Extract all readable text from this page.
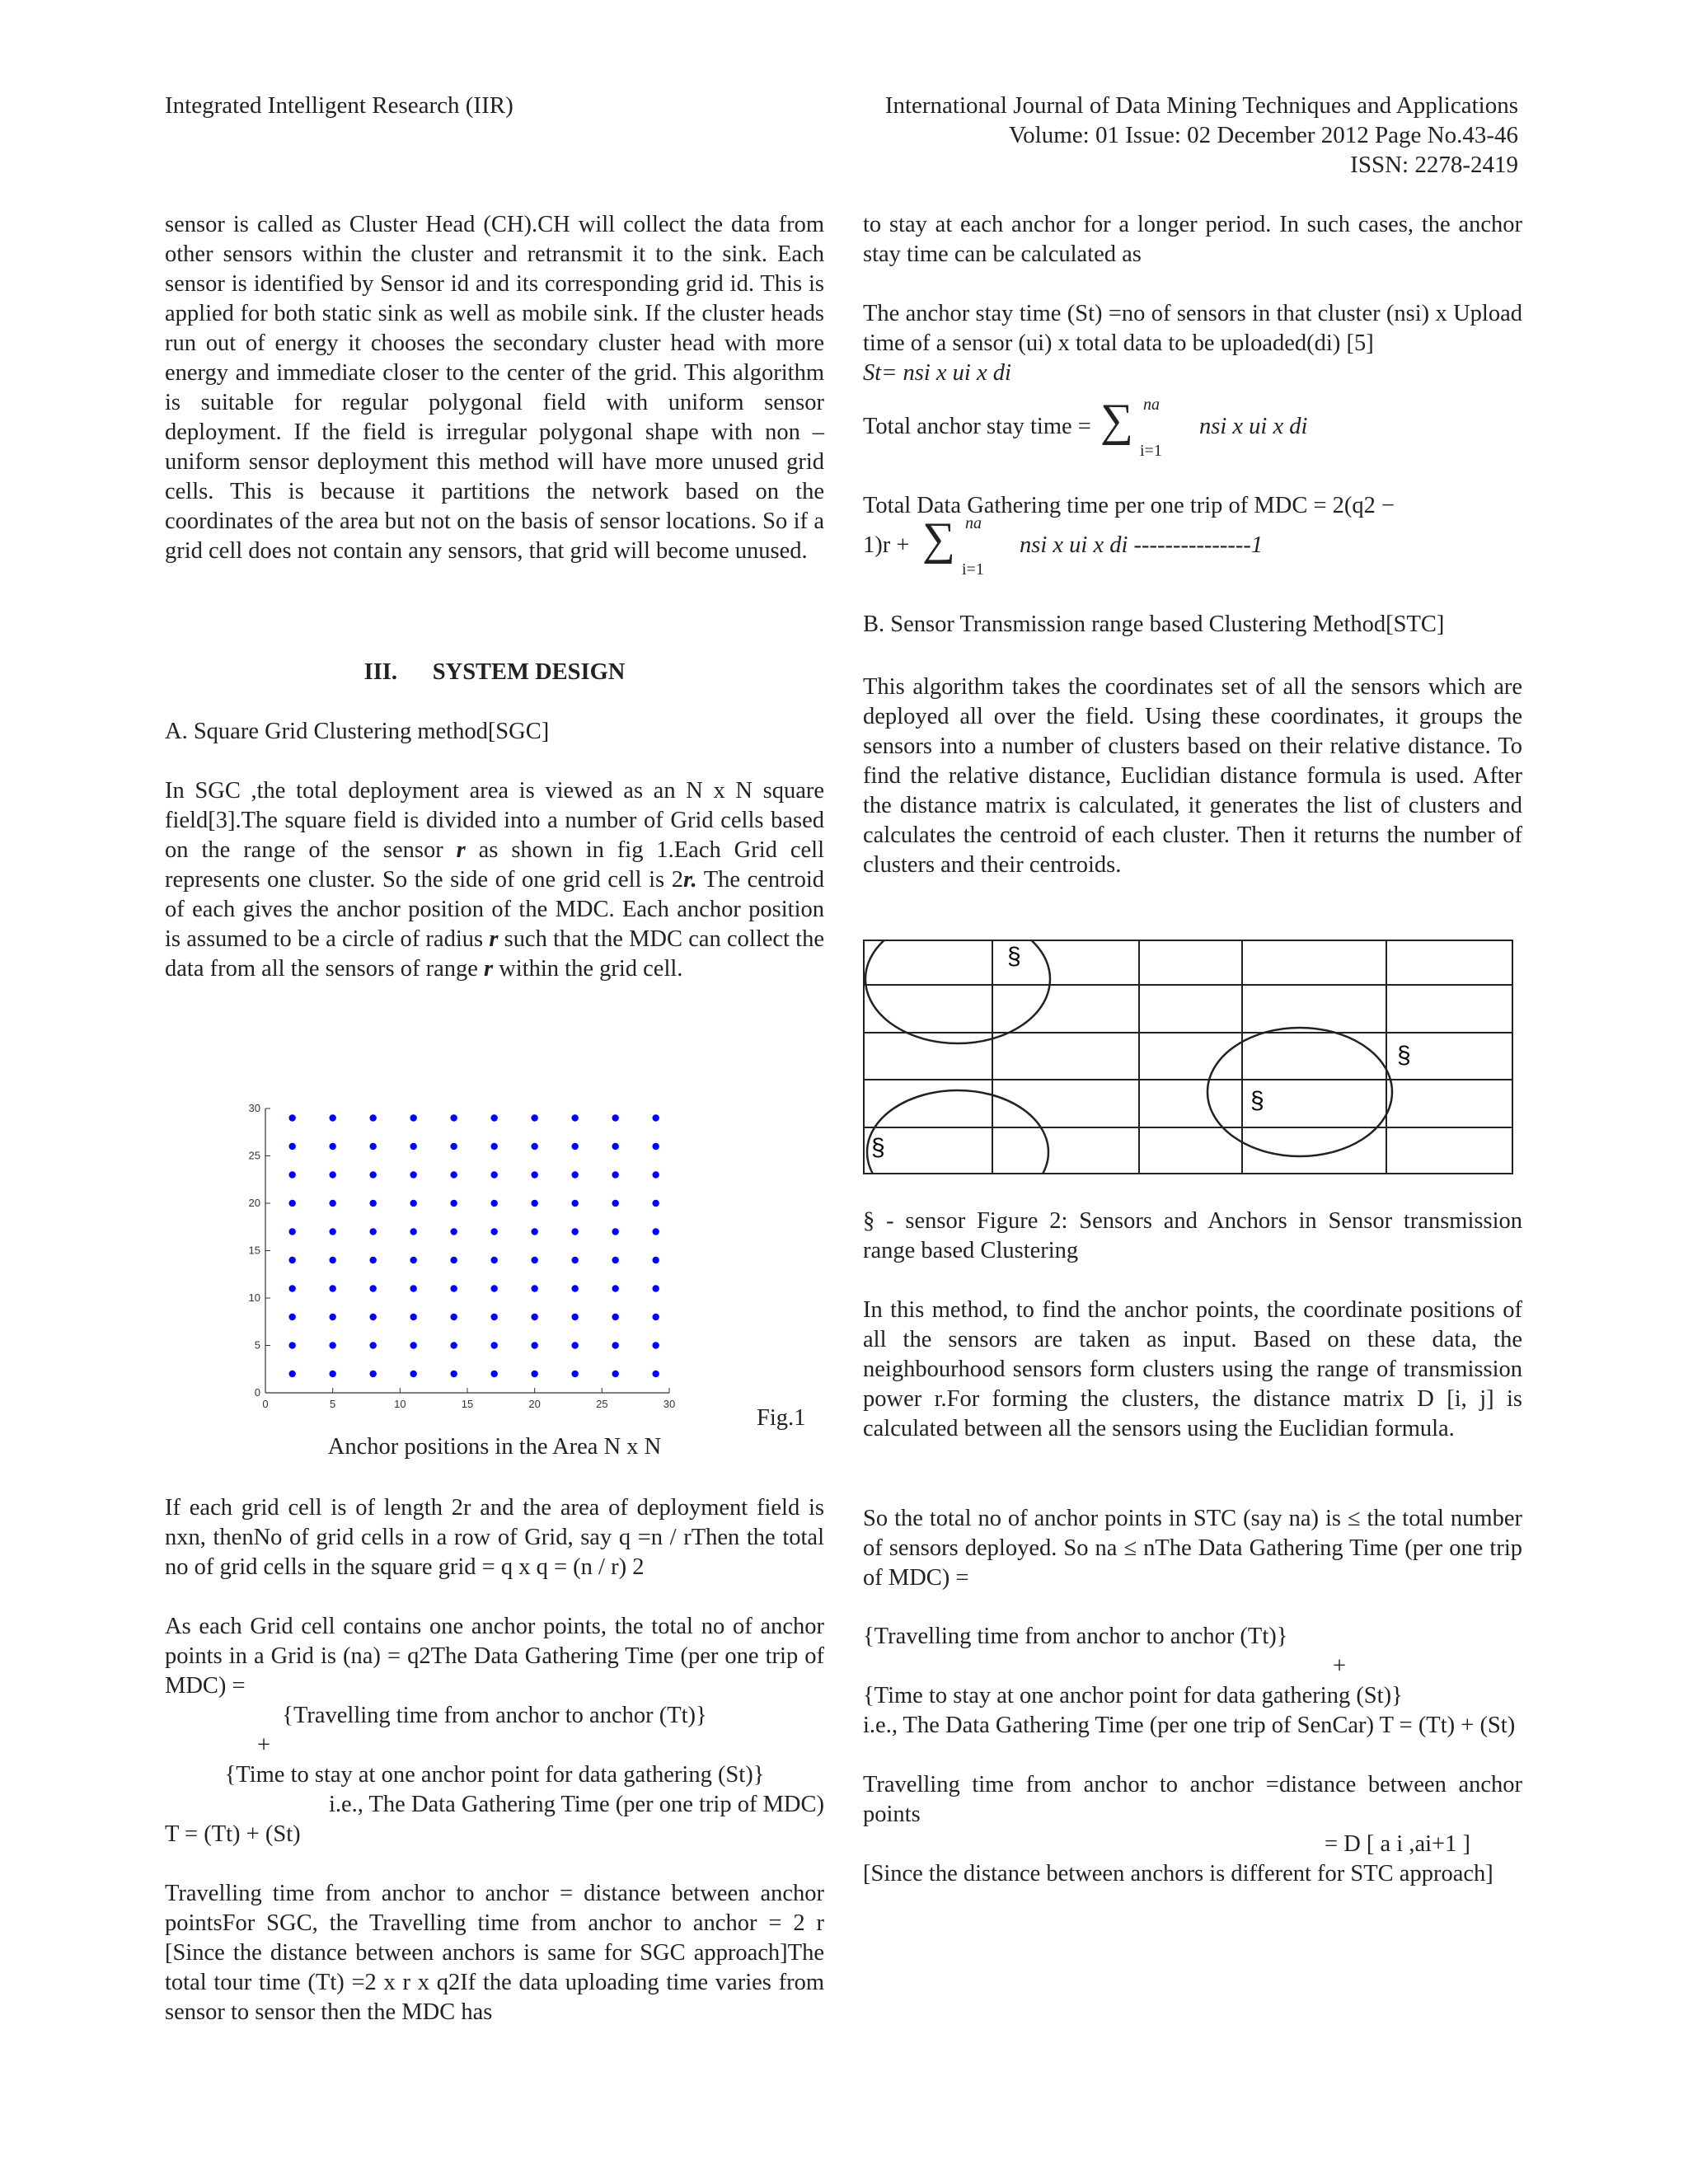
Integrated Intelligent Research (IIR)	International Journal of Data Mining Techniques and Applications
Volume: 01 Issue: 02 December 2012 Page No.43-46
ISSN: 2278-2419
sensor is called as Cluster Head (CH).CH will collect the data from other sensors within the cluster and retransmit it to the sink. Each sensor is identified by Sensor id and its corresponding grid id. This is applied for both static sink as well as mobile sink. If the cluster heads run out of energy it chooses the secondary cluster head with more energy and immediate closer to the center of the grid. This algorithm is suitable for regular polygonal field with uniform sensor deployment. If the field is irregular polygonal shape with non – uniform sensor deployment this method will have more unused grid cells. This is because it partitions the network based on the coordinates of the area but not on the basis of sensor locations. So if a grid cell does not contain any sensors, that grid will become unused.
III.      SYSTEM DESIGN
A. Square Grid Clustering method[SGC]
In SGC ,the total deployment area is viewed as an N x N square field[3].The square field is divided into a number of Grid cells based on the range of the sensor r as shown in fig 1.Each Grid cell represents one cluster. So the side of one grid cell is 2r. The centroid of each gives the anchor position of the MDC. Each anchor position is assumed to be a circle of radius r such that the MDC can collect the data from all the sensors of range r within the grid cell.
0	5	10	15	20	25	30
0
5
10
15
20
25
30
Fig.1
Anchor positions in the Area N x N
If each grid cell is of length 2r and the area of deployment field is nxn, thenNo of grid cells in a row of Grid, say q =n / rThen the total no of grid cells in the square grid = q x q = (n / r) 2
As each Grid cell contains one anchor points, the total no of anchor points in a Grid is (na) = q2The Data Gathering Time (per one trip of MDC) =
{Travelling time from anchor to anchor (Tt)}
+
{Time to stay at one anchor point for data gathering (St)}
i.e., The Data Gathering Time (per one trip of MDC)
T = (Tt) + (St)
Travelling time from anchor to anchor = distance between anchor pointsFor SGC, the Travelling time from anchor to anchor = 2 r [Since the distance between anchors is same for SGC approach]The total tour time (Tt) =2 x r x q2If the data uploading time varies from sensor to sensor then the MDC has
to stay at each anchor for a longer period. In such cases, the anchor stay time can be calculated as
The anchor stay time (St) =no of sensors in that cluster (nsi) x Upload time of a sensor (ui) x total data to be uploaded(di) [5]
St= nsi x ui x di
Total anchor stay time = ∑ na
i=1
nsi x ui x di
Total Data Gathering time per one trip of MDC = 2(q2 −
1)r + ∑ na
i=1
nsi x ui x di ---------------1
B. Sensor Transmission range based Clustering Method[STC]
This algorithm takes the coordinates set of all the sensors which are deployed all over the field. Using these coordinates, it groups the sensors into a number of clusters based on their relative distance. To find the relative distance, Euclidian distance formula is used. After the distance matrix is calculated, it generates the list of clusters and calculates the centroid of each cluster. Then it returns the number of clusters and their centroids.
§
§
§
§
§ - sensor Figure 2: Sensors and Anchors in Sensor transmission range based Clustering
In this method, to find the anchor points, the coordinate positions of all the sensors are taken as input. Based on these data, the neighbourhood sensors form clusters using the range of transmission power r.For forming the clusters, the distance matrix D [i, j] is calculated between all the sensors using the Euclidian formula.
So the total no of anchor points in STC (say na) is ≤ the total number of sensors deployed. So na ≤ nThe Data Gathering Time (per one trip of MDC) =
{Travelling time from anchor to anchor (Tt)}
+
{Time to stay at one anchor point for data gathering (St)}
i.e., The Data Gathering Time (per one trip of SenCar) T = (Tt) + (St)
Travelling time from anchor to anchor =distance between anchor points
= D [ a i ,ai+1 ]
[Since the distance between anchors is different for STC approach]
